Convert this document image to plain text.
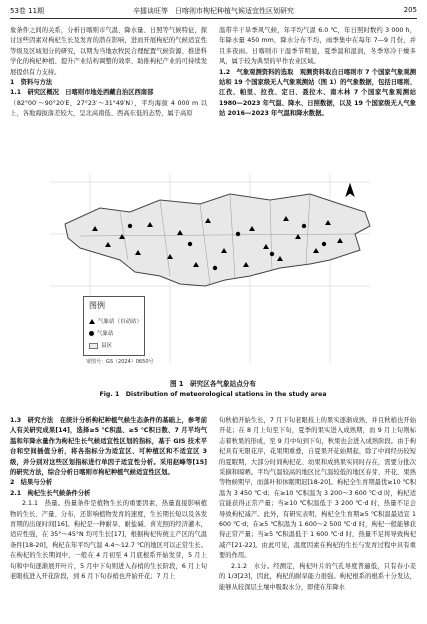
53卷 11期	辛擂谈旺等　日喀则市枸杞种植气候适宜性区划研究	205

象条件之间的关系，分析日喀则市气温、降水量、日照等气候特征，探讨这些因素对枸杞生长及发育的潜在影响，进而开展枸杞的气候适宜性等级及区域划分的研究，以期为当地农牧民合理配置气候资源、推进科学化的枸杞种植、提升产业结构调整的效率、助推枸杞产业的可持续发展提供有力支持。

1　资料与方法

1.1　研究区概况　日喀则市地处西藏自治区西南部

（82°00′～90°20′E，27°23′～31°49′N），平均海拔 4 000 m 以上，各地海拔落差较大，呈北高南低、西高东低的态势，属于高原

温带半干旱季风气候，年平均气温 6.0 ℃，年日照时数约 3 000 h，年降水量 450 mm，降水分布不均，雨季集中在每年 7—9 月份，并且多夜雨。日喀则市干湿季节明显，夏季温和湿润，冬季寒冷干燥多风，属于较为典型的早作农业区域。

1.2　气象观测资料的选取　观测资料取自日喀则市 7 个国家气象观测站和 19 个国家级无人气象观测站（图 1）的气象数据，包括日喀则、江孜、帕里、拉孜、定日、聂拉木、南木林 7 个国家气象观测站 1980—2023 年气温、降水、日照数据，以及 19 个国家级无人气象站 2016—2023 年气温和降水数据。

图例
气象站（自动站）
气象站
县区
审图号：GS（2024）0650号
图 1　研究区各气象站点分布
Fig. 1　Distribution of meteorological stations in the study area

1.3　研究方法　在统计分析枸杞种植气候生态条件的基础上，参考前人有关研究成果[14]，选择≥5 ℃积温、≥5 ℃积日数、7 月平均气温和年降水量作为枸杞生长气候适宜性区划的指标，基于 GIS 技术平台和空间插值分析，将各指标分为适宜区、可种植区和不适宜区 3 级，并分别对这些区划指标进行单因子适宜性分析。采用赵峰等[15]的研究方法，综合分析日喀则市枸杞种植气候适宜性区划。

2　结果与分析

2.1　枸杞生长气候条件分析

2.1.1　热量。热量条件是植物生长的重要因素，热量直接影响植物的生长、产量、分布，还影响植物发育的速度，生长期长短以及各发育期的出现时间[16]。枸杞是一种耐旱、耐盐碱、喜光照的经济灌木，适应性强，在 35°～45°N 均可生长[17]，根据枸杞传统主产区的气温条件[18-20]，枸杞在年平均气温 4.4～12.7 ℃的地区可以正常生长。在枸杞的生长期间中，一般在 4 月初至 4 月底根系开始发芽，5 月上旬和中旬逐渐展开叶片，5 月中下旬则进入春梢的生长阶段，6 月上旬老眼枝进入开花阶段，到 6 月下旬春梢也开始开花；7 月上

旬秋梢开始生长，7 月下旬老眼枝上的果实逐渐成熟，并且秋梢也开始开花；在 8 月上旬至下旬，夏季的果实进入成熟期，而 9 月上旬则标志着秋果的形成，至 9 月中旬到下旬，秋果也会进入成熟阶段。由于枸杞具有无限花序，花果期重叠，自夏果开花始期起，除了中间经历较短的夏眠期，大部分时间枸杞花、幼果和成熟果实同时存在，需要分批次采摘和晾晒。平均气温较高的地区比气温较低的地区春芽、开花、果熟等物候期早，而落叶和休眠期迟[18-20]。枸杞全生育期最优≥10 ℃积温为 3 450 ℃·d；在≥10 ℃积温为 3 200～3 600 ℃·d 时，枸杞适宜能获得正常产量；当≥10 ℃积温低于 3 200 ℃·d 时，热量不足会导致枸杞减产。此外，有研究表明，枸杞全生育期≥5 ℃积温最适宜 1 600 ℃·d；在≥5 ℃积温为 1 600～2 500 ℃·d 时，枸杞一般能够获得正常产量；当≥5 ℃积温低于 1 600 ℃·d 时，热量不足将导致枸杞减产[21-22]。由此可见，温度因素在枸杞的生长与发育过程中具有重要的作用。

2.1.2　水分。经测定，枸杞叶片的气孔导度普遍低，只有春小麦的 1/3[23]，因此，枸杞的耐旱能力很强。枸杞根系的根系十分发达，能够从较深层土壤中吸取水分，即使在年降水
